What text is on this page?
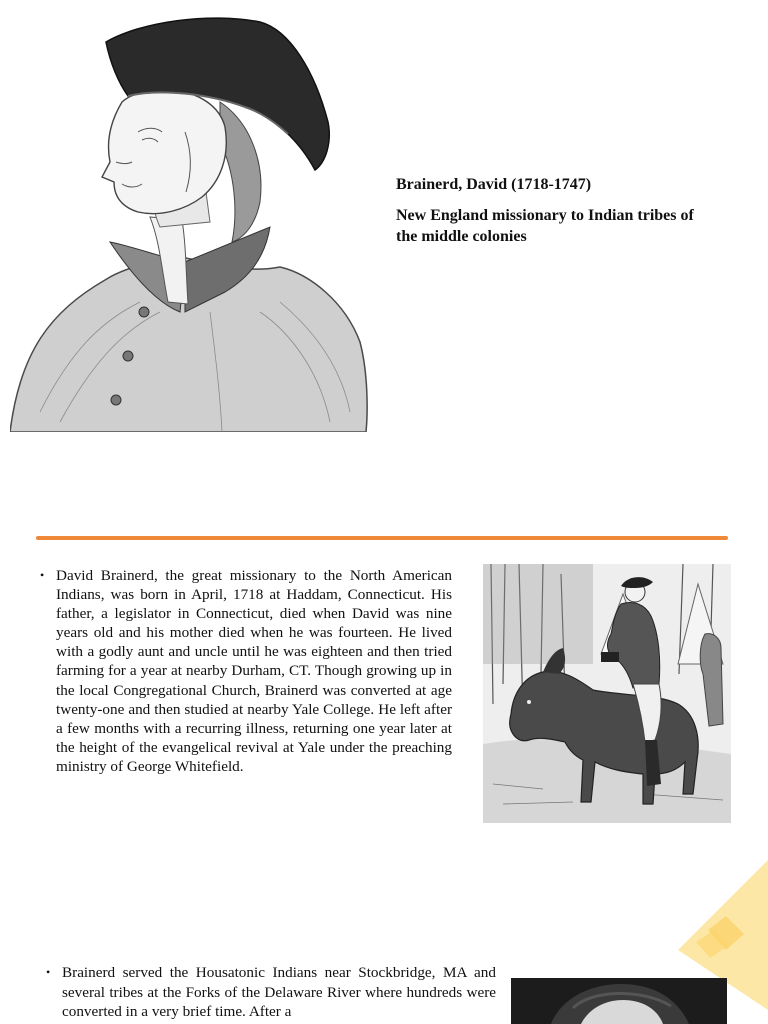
Brainerd, David (1718-1747)

New England missionary to Indian tribes of the middle colonies

• David Brainerd, the great missionary to the North American Indians, was born in April, 1718 at Haddam, Connecticut. His father, a legislator in Connecticut, died when David was nine years old and his mother died when he was fourteen. He lived with a godly aunt and uncle until he was eighteen and then tried farming for a year at nearby Durham, CT. Though growing up in the local Congregational Church, Brainerd was converted at age twenty-one and then studied at nearby Yale College. He left after a few months with a recurring illness, returning one year later at the height of the evangelical revival at Yale under the preaching ministry of George Whitefield.
• Brainerd served the Housatonic Indians near Stockbridge, MA and several tribes at the Forks of the Delaware River where hundreds were converted in a very brief time. After a
